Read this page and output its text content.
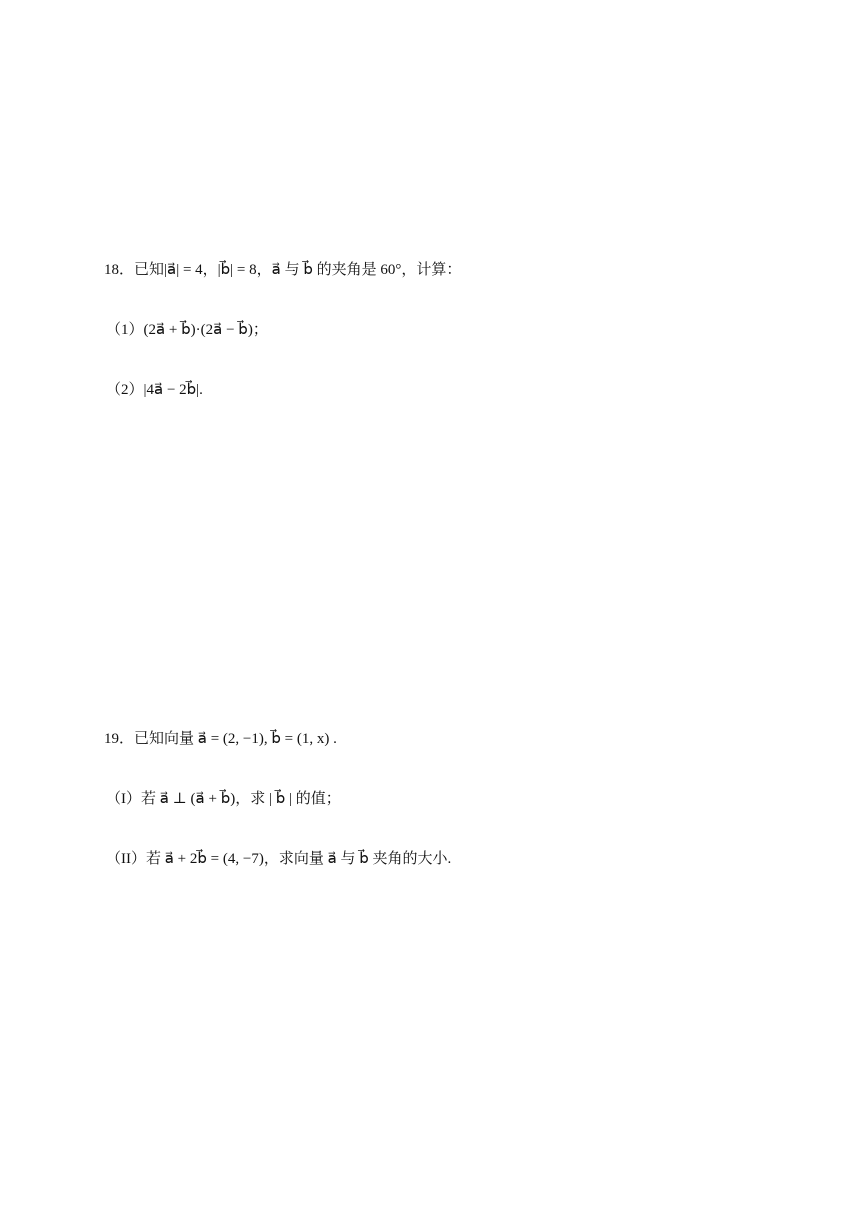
18．已知|a⃗| = 4，|b⃗| = 8，a⃗ 与 b⃗ 的夹角是 60°，计算：
（1）(2a⃗ + b⃗)·(2a⃗ − b⃗)；
（2）|4a⃗ − 2b⃗|.
19．已知向量 a⃗ = (2, −1), b⃗ = (1, x) .
（I）若 a⃗ ⊥ (a⃗ + b⃗)，求 | b⃗ | 的值；
（II）若 a⃗ + 2b⃗ = (4, −7)，求向量 a⃗ 与 b⃗ 夹角的大小.
